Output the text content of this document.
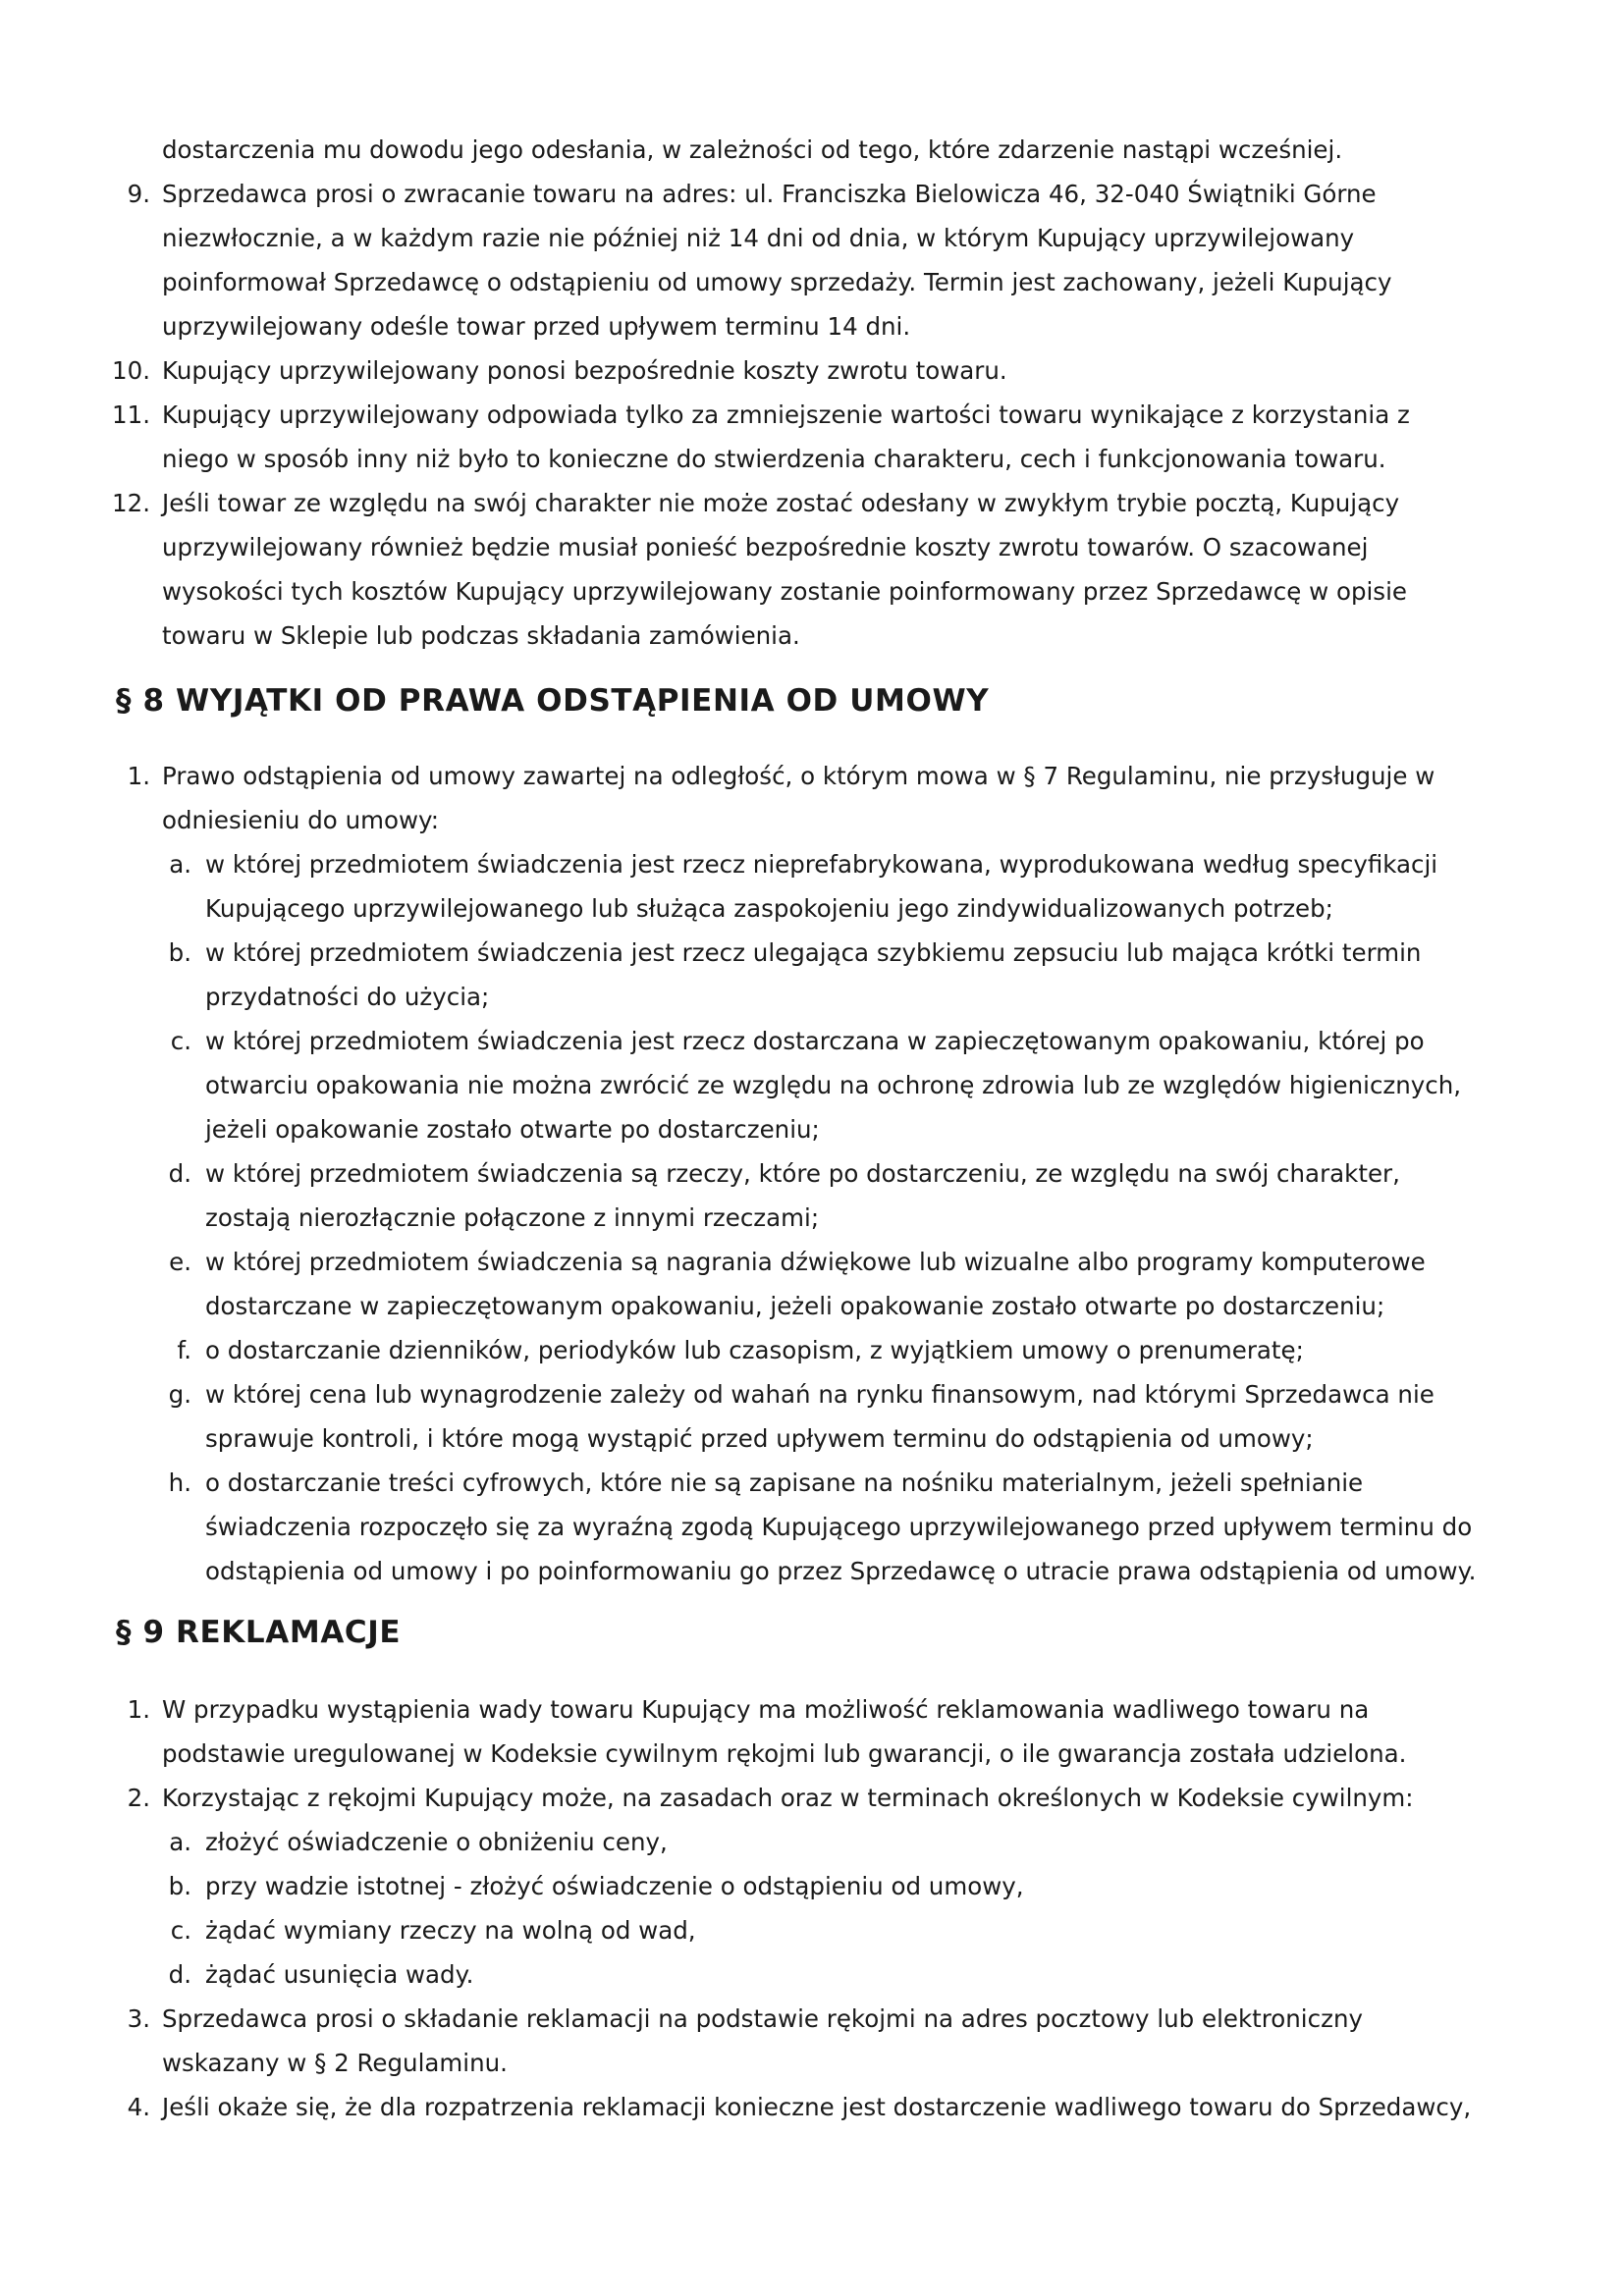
dostarczenia mu dowodu jego odesłania, w zależności od tego, które zdarzenie nastąpi wcześniej.
9. Sprzedawca prosi o zwracanie towaru na adres: ul. Franciszka Bielowicza 46, 32-040 Świątniki Górne
niezwłocznie, a w każdym razie nie później niż 14 dni od dnia, w którym Kupujący uprzywilejowany
poinformował Sprzedawcę o odstąpieniu od umowy sprzedaży. Termin jest zachowany, jeżeli Kupujący
uprzywilejowany odeśle towar przed upływem terminu 14 dni.
10. Kupujący uprzywilejowany ponosi bezpośrednie koszty zwrotu towaru.
11. Kupujący uprzywilejowany odpowiada tylko za zmniejszenie wartości towaru wynikające z korzystania z
niego w sposób inny niż było to konieczne do stwierdzenia charakteru, cech i funkcjonowania towaru.
12. Jeśli towar ze względu na swój charakter nie może zostać odesłany w zwykłym trybie pocztą, Kupujący
uprzywilejowany również będzie musiał ponieść bezpośrednie koszty zwrotu towarów. O szacowanej
wysokości tych kosztów Kupujący uprzywilejowany zostanie poinformowany przez Sprzedawcę w opisie
towaru w Sklepie lub podczas składania zamówienia.
§ 8 WYJĄTKI OD PRAWA ODSTĄPIENIA OD UMOWY
1. Prawo odstąpienia od umowy zawartej na odległość, o którym mowa w § 7 Regulaminu, nie przysługuje w
odniesieniu do umowy:
a. w której przedmiotem świadczenia jest rzecz nieprefabrykowana, wyprodukowana według specyfikacji
Kupującego uprzywilejowanego lub służąca zaspokojeniu jego zindywidualizowanych potrzeb;
b. w której przedmiotem świadczenia jest rzecz ulegająca szybkiemu zepsuciu lub mająca krótki termin
przydatności do użycia;
c. w której przedmiotem świadczenia jest rzecz dostarczana w zapieczętowanym opakowaniu, której po
otwarciu opakowania nie można zwrócić ze względu na ochronę zdrowia lub ze względów higienicznych,
jeżeli opakowanie zostało otwarte po dostarczeniu;
d. w której przedmiotem świadczenia są rzeczy, które po dostarczeniu, ze względu na swój charakter,
zostają nierozłącznie połączone z innymi rzeczami;
e. w której przedmiotem świadczenia są nagrania dźwiękowe lub wizualne albo programy komputerowe
dostarczane w zapieczętowanym opakowaniu, jeżeli opakowanie zostało otwarte po dostarczeniu;
f. o dostarczanie dzienników, periodyków lub czasopism, z wyjątkiem umowy o prenumeratę;
g. w której cena lub wynagrodzenie zależy od wahań na rynku finansowym, nad którymi Sprzedawca nie
sprawuje kontroli, i które mogą wystąpić przed upływem terminu do odstąpienia od umowy;
h. o dostarczanie treści cyfrowych, które nie są zapisane na nośniku materialnym, jeżeli spełnianie
świadczenia rozpoczęło się za wyraźną zgodą Kupującego uprzywilejowanego przed upływem terminu do
odstąpienia od umowy i po poinformowaniu go przez Sprzedawcę o utracie prawa odstąpienia od umowy.
§ 9 REKLAMACJE
1. W przypadku wystąpienia wady towaru Kupujący ma możliwość reklamowania wadliwego towaru na
podstawie uregulowanej w Kodeksie cywilnym rękojmi lub gwarancji, o ile gwarancja została udzielona.
2. Korzystając z rękojmi Kupujący może, na zasadach oraz w terminach określonych w Kodeksie cywilnym:
a. złożyć oświadczenie o obniżeniu ceny,
b. przy wadzie istotnej - złożyć oświadczenie o odstąpieniu od umowy,
c. żądać wymiany rzeczy na wolną od wad,
d. żądać usunięcia wady.
3. Sprzedawca prosi o składanie reklamacji na podstawie rękojmi na adres pocztowy lub elektroniczny
wskazany w § 2 Regulaminu.
4. Jeśli okaże się, że dla rozpatrzenia reklamacji konieczne jest dostarczenie wadliwego towaru do Sprzedawcy,
